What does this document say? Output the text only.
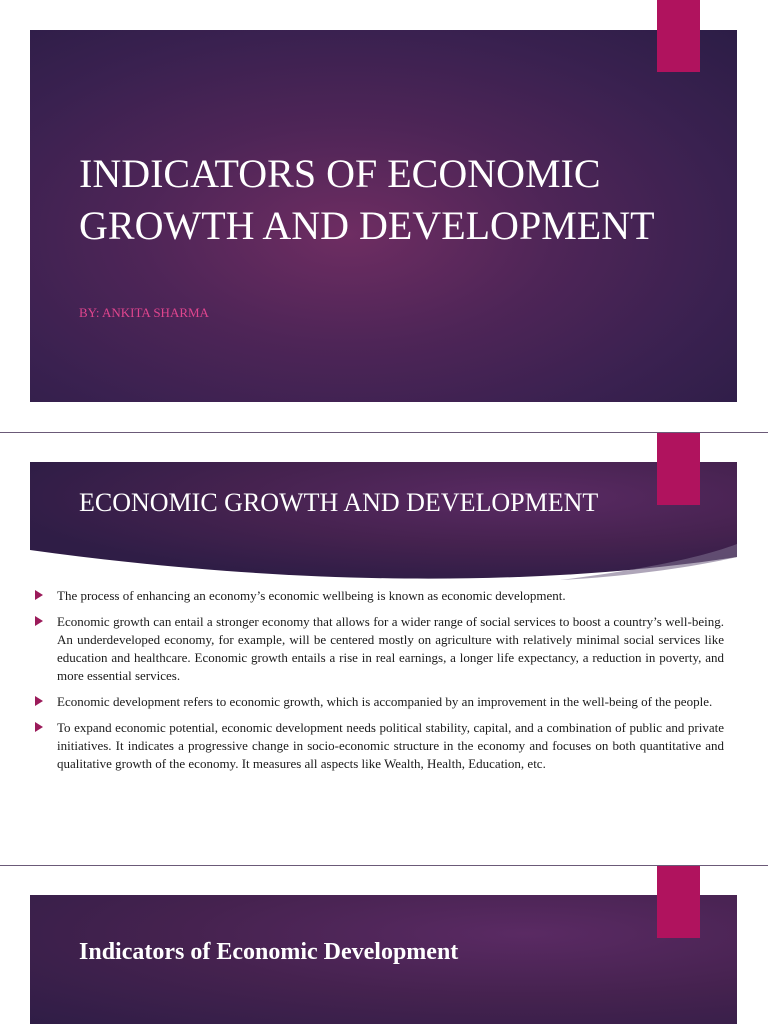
INDICATORS OF ECONOMIC GROWTH AND DEVELOPMENT
BY: ANKITA SHARMA
ECONOMIC GROWTH AND DEVELOPMENT
The process of enhancing an economy’s economic wellbeing is known as economic development.
Economic growth can entail a stronger economy that allows for a wider range of social services to boost a country’s well-being. An underdeveloped economy, for example, will be centered mostly on agriculture with relatively minimal social services like education and healthcare. Economic growth entails a rise in real earnings, a longer life expectancy, a reduction in poverty, and more essential services.
Economic development refers to economic growth, which is accompanied by an improvement in the well-being of the people.
To expand economic potential, economic development needs political stability, capital, and a combination of public and private initiatives. It indicates a progressive change in socio-economic structure in the economy and focuses on both quantitative and qualitative growth of the economy. It measures all aspects like Wealth, Health, Education, etc.
Indicators of Economic Development
